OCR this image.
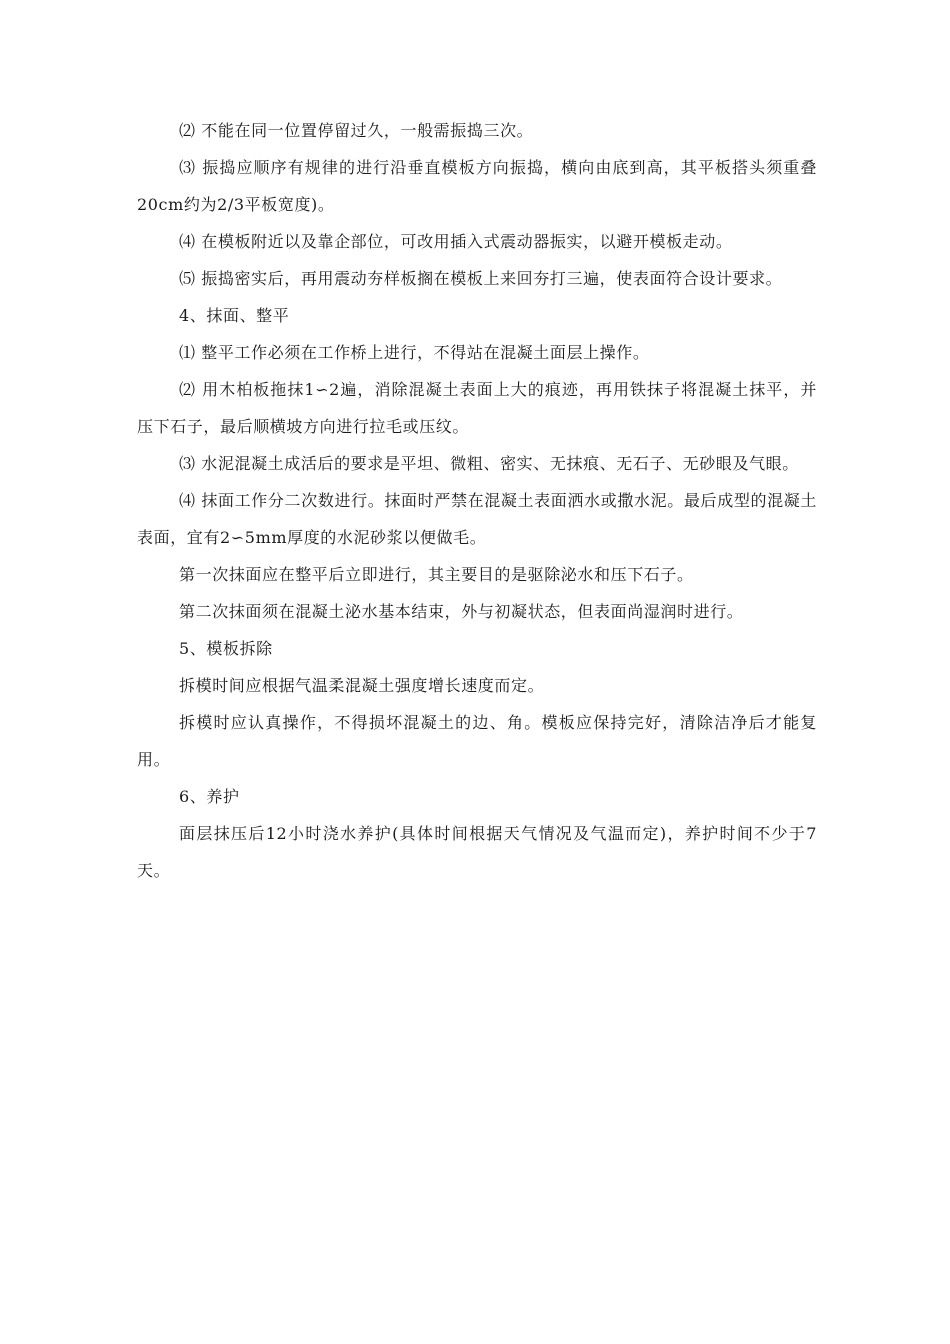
⑵ 不能在同一位置停留过久，一般需振捣三次。

⑶ 振捣应顺序有规律的进行沿垂直模板方向振捣，横向由底到高，其平板搭头须重叠20cm约为2/3平板宽度)。

⑷ 在模板附近以及靠企部位，可改用插入式震动器振实，以避开模板走动。

⑸ 振捣密实后，再用震动夯样板搁在模板上来回夯打三遍，使表面符合设计要求。

4、抹面、整平

⑴ 整平工作必须在工作桥上进行，不得站在混凝土面层上操作。

⑵ 用木柏板拖抹1∽2遍，消除混凝土表面上大的痕迹，再用铁抹子将混凝土抹平，并压下石子，最后顺横坡方向进行拉毛或压纹。

⑶ 水泥混凝土成活后的要求是平坦、微粗、密实、无抹痕、无石子、无砂眼及气眼。

⑷ 抹面工作分二次数进行。抹面时严禁在混凝土表面洒水或撒水泥。最后成型的混凝土表面，宜有2∽5mm厚度的水泥砂浆以便做毛。

第一次抹面应在整平后立即进行，其主要目的是驱除泌水和压下石子。

第二次抹面须在混凝土泌水基本结束，外与初凝状态，但表面尚湿润时进行。

5、模板拆除

拆模时间应根据气温柔混凝土强度增长速度而定。

拆模时应认真操作，不得损坏混凝土的边、角。模板应保持完好，清除洁净后才能复用。

6、养护

面层抹压后12小时浇水养护(具体时间根据天气情况及气温而定)，养护时间不少于7天。
